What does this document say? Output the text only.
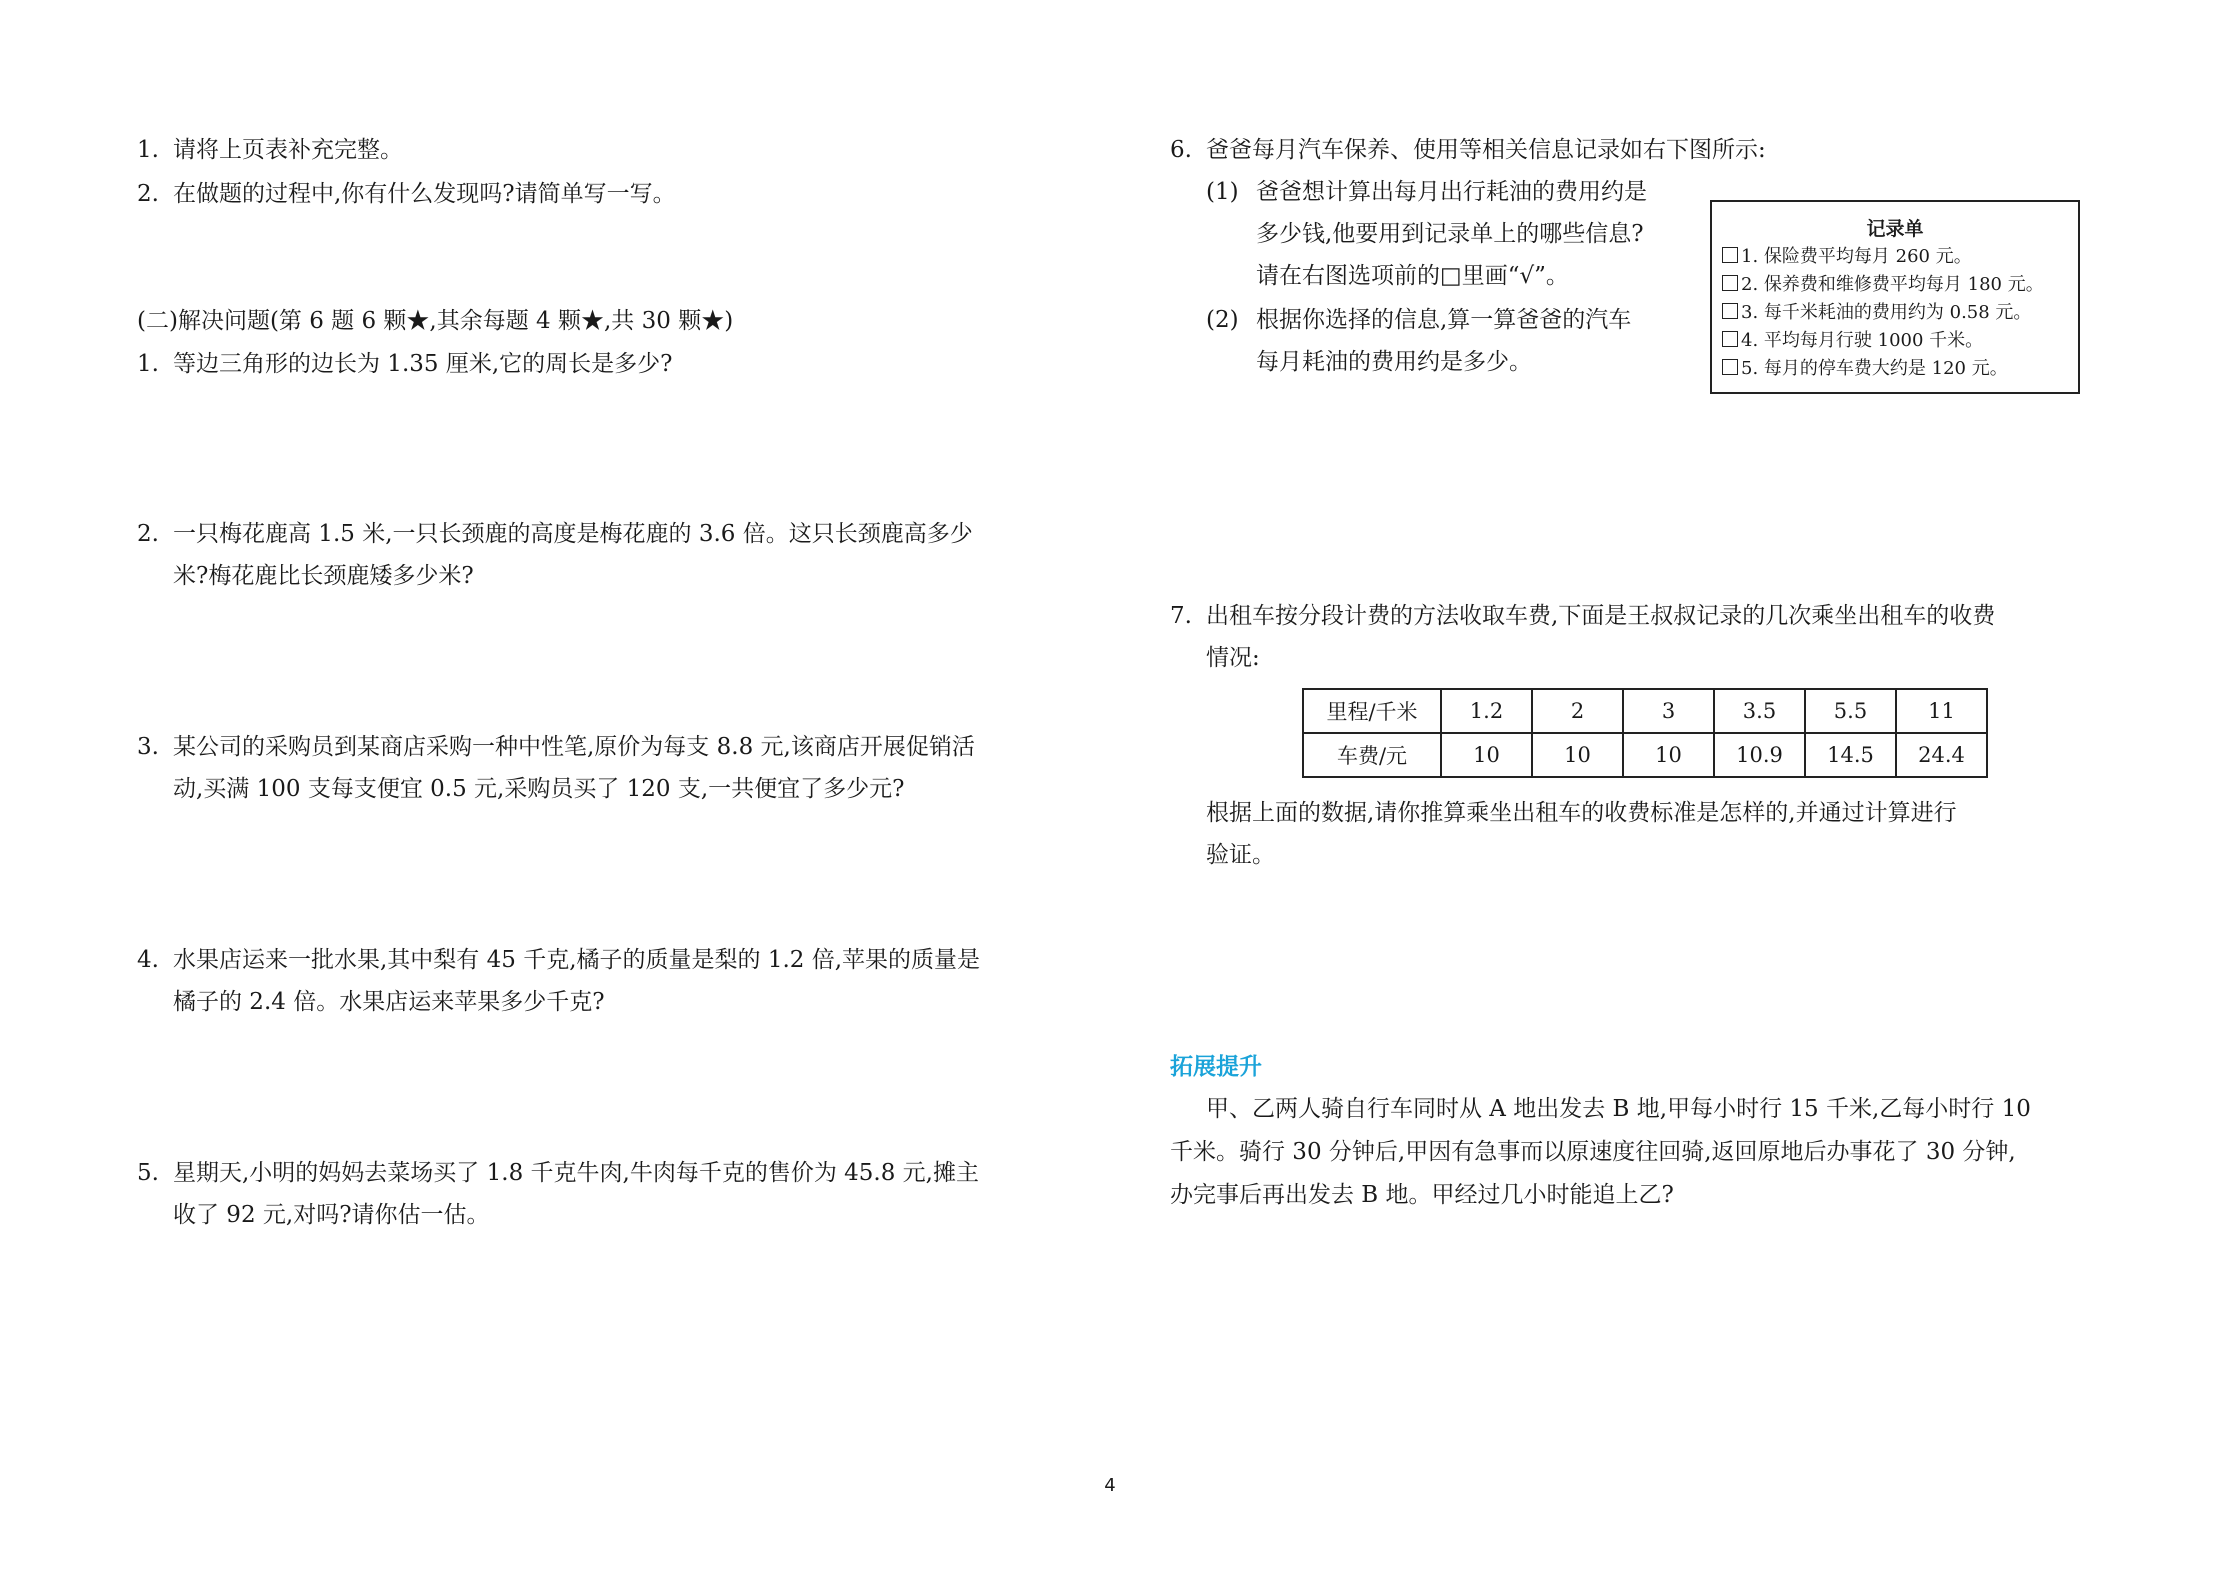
1. 请将上页表补充完整。
2. 在做题的过程中,你有什么发现吗?请简单写一写。
(二)解决问题(第 6 题 6 颗★,其余每题 4 颗★,共 30 颗★)
1. 等边三角形的边长为 1.35 厘米,它的周长是多少?
2. 一只梅花鹿高 1.5 米,一只长颈鹿的高度是梅花鹿的 3.6 倍。这只长颈鹿高多少
米?梅花鹿比长颈鹿矮多少米?
3. 某公司的采购员到某商店采购一种中性笔,原价为每支 8.8 元,该商店开展促销活
动,买满 100 支每支便宜 0.5 元,采购员买了 120 支,一共便宜了多少元?
4. 水果店运来一批水果,其中梨有 45 千克,橘子的质量是梨的 1.2 倍,苹果的质量是
橘子的 2.4 倍。水果店运来苹果多少千克?
5. 星期天,小明的妈妈去菜场买了 1.8 千克牛肉,牛肉每千克的售价为 45.8 元,摊主
收了 92 元,对吗?请你估一估。
6. 爸爸每月汽车保养、使用等相关信息记录如右下图所示:
(1) 爸爸想计算出每月出行耗油的费用约是
多少钱,他要用到记录单上的哪些信息?
请在右图选项前的□里画“√”。
(2) 根据你选择的信息,算一算爸爸的汽车
每月耗油的费用约是多少。
记录单
1. 保险费平均每月 260 元。
2. 保养费和维修费平均每月 180 元。
3. 每千米耗油的费用约为 0.58 元。
4. 平均每月行驶 1000 千米。
5. 每月的停车费大约是 120 元。
7. 出租车按分段计费的方法收取车费,下面是王叔叔记录的几次乘坐出租车的收费
情况:
里程/千米	1.2	2	3	3.5	5.5	11
车费/元	10	10	10	10.9	14.5	24.4
根据上面的数据,请你推算乘坐出租车的收费标准是怎样的,并通过计算进行
验证。
拓展提升
甲、乙两人骑自行车同时从 A 地出发去 B 地,甲每小时行 15 千米,乙每小时行 10
千米。骑行 30 分钟后,甲因有急事而以原速度往回骑,返回原地后办事花了 30 分钟,
办完事后再出发去 B 地。甲经过几小时能追上乙?
4
